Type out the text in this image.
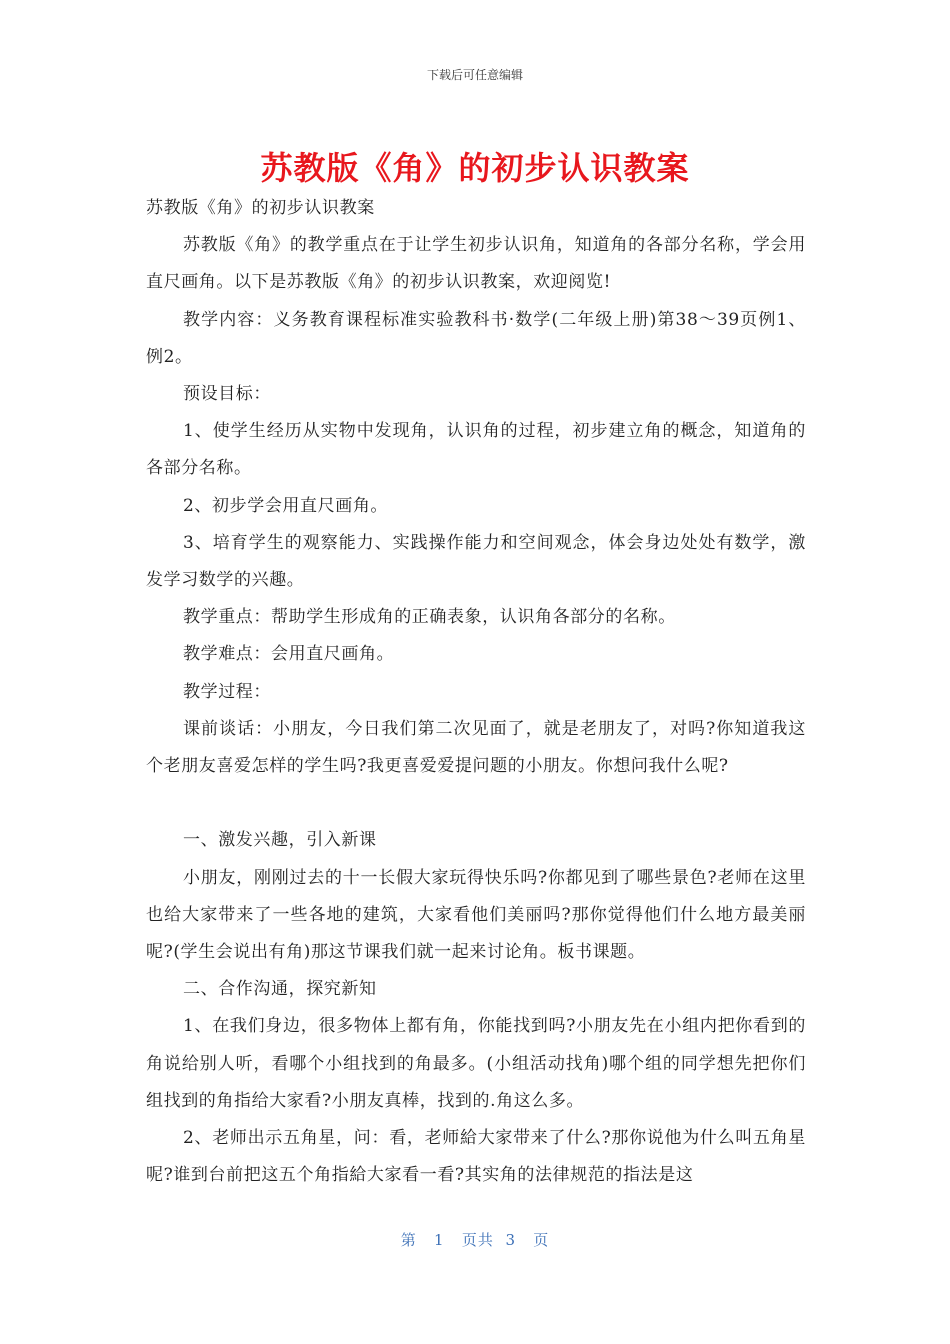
下载后可任意编辑
苏教版《角》的初步认识教案

苏教版《角》的初步认识教案

苏教版《角》的教学重点在于让学生初步认识角，知道角的各部分名称，学会用直尺画角。以下是苏教版《角》的初步认识教案，欢迎阅览!

教学内容：义务教育课程标准实验教科书·数学(二年级上册)第38～39页例1、例2。

预设目标：

1、使学生经历从实物中发现角，认识角的过程，初步建立角的概念，知道角的各部分名称。

2、初步学会用直尺画角。

3、培育学生的观察能力、实践操作能力和空间观念，体会身边处处有数学，激发学习数学的兴趣。

教学重点：帮助学生形成角的正确表象，认识角各部分的名称。

教学难点：会用直尺画角。

教学过程：

课前谈话：小朋友，今日我们第二次见面了，就是老朋友了，对吗?你知道我这个老朋友喜爱怎样的学生吗?我更喜爱爱提问题的小朋友。你想问我什么呢?

一、激发兴趣，引入新课

小朋友，刚刚过去的十一长假大家玩得快乐吗?你都见到了哪些景色?老师在这里也给大家带来了一些各地的建筑，大家看他们美丽吗?那你觉得他们什么地方最美丽呢?(学生会说出有角)那这节课我们就一起来讨论角。板书课题。

二、合作沟通，探究新知

1、在我们身边，很多物体上都有角，你能找到吗?小朋友先在小组内把你看到的角说给别人听，看哪个小组找到的角最多。(小组活动找角)哪个组的同学想先把你们组找到的角指给大家看?小朋友真棒，找到的.角这么多。

2、老师出示五角星，问：看，老师給大家带来了什么?那你说他为什么叫五角星呢?谁到台前把这五个角指給大家看一看?其实角的法律规范的指法是这

第 1 页共 3 页
